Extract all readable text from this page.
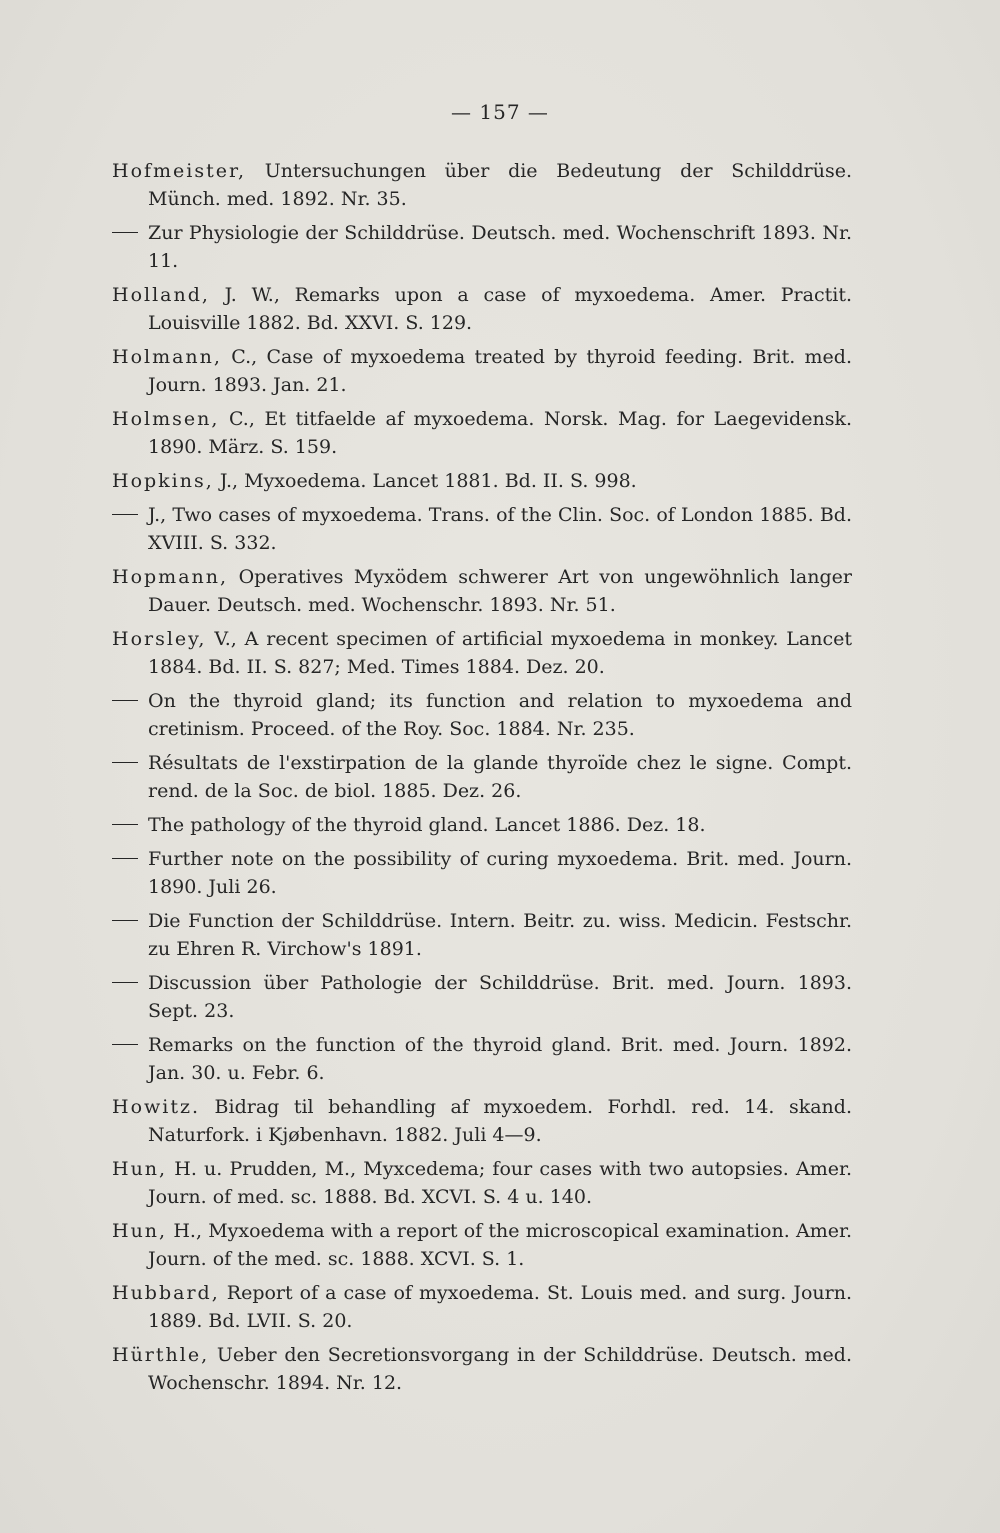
— 157 —
Hofmeister, Untersuchungen über die Bedeutung der Schilddrüse. Münch. med. 1892. Nr. 35.
Zur Physiologie der Schilddrüse. Deutsch. med. Wochenschrift 1893. Nr. 11.
Holland, J. W., Remarks upon a case of myxoedema. Amer. Practit. Louisville 1882. Bd. XXVI. S. 129.
Holmann, C., Case of myxoedema treated by thyroid feeding. Brit. med. Journ. 1893. Jan. 21.
Holmsen, C., Et titfaelde af myxoedema. Norsk. Mag. for Laegevidensk. 1890. März. S. 159.
Hopkins, J., Myxoedema. Lancet 1881. Bd. II. S. 998.
J., Two cases of myxoedema. Trans. of the Clin. Soc. of London 1885. Bd. XVIII. S. 332.
Hopmann, Operatives Myxödem schwerer Art von ungewöhnlich langer Dauer. Deutsch. med. Wochenschr. 1893. Nr. 51.
Horsley, V., A recent specimen of artificial myxoedema in monkey. Lancet 1884. Bd. II. S. 827; Med. Times 1884. Dez. 20.
On the thyroid gland; its function and relation to myxoedema and cretinism. Proceed. of the Roy. Soc. 1884. Nr. 235.
Résultats de l'exstirpation de la glande thyroïde chez le signe. Compt. rend. de la Soc. de biol. 1885. Dez. 26.
The pathology of the thyroid gland. Lancet 1886. Dez. 18.
Further note on the possibility of curing myxoedema. Brit. med. Journ. 1890. Juli 26.
Die Function der Schilddrüse. Intern. Beitr. zu. wiss. Medicin. Festschr. zu Ehren R. Virchow's 1891.
Discussion über Pathologie der Schilddrüse. Brit. med. Journ. 1893. Sept. 23.
Remarks on the function of the thyroid gland. Brit. med. Journ. 1892. Jan. 30. u. Febr. 6.
Howitz. Bidrag til behandling af myxoedem. Forhdl. red. 14. skand. Naturfork. i Kjøbenhavn. 1882. Juli 4—9.
Hun, H. u. Prudden, M., Myxcedema; four cases with two autopsies. Amer. Journ. of med. sc. 1888. Bd. XCVI. S. 4 u. 140.
Hun, H., Myxoedema with a report of the microscopical examination. Amer. Journ. of the med. sc. 1888. XCVI. S. 1.
Hubbard, Report of a case of myxoedema. St. Louis med. and surg. Journ. 1889. Bd. LVII. S. 20.
Hürthle, Ueber den Secretionsvorgang in der Schilddrüse. Deutsch. med. Wochenschr. 1894. Nr. 12.
